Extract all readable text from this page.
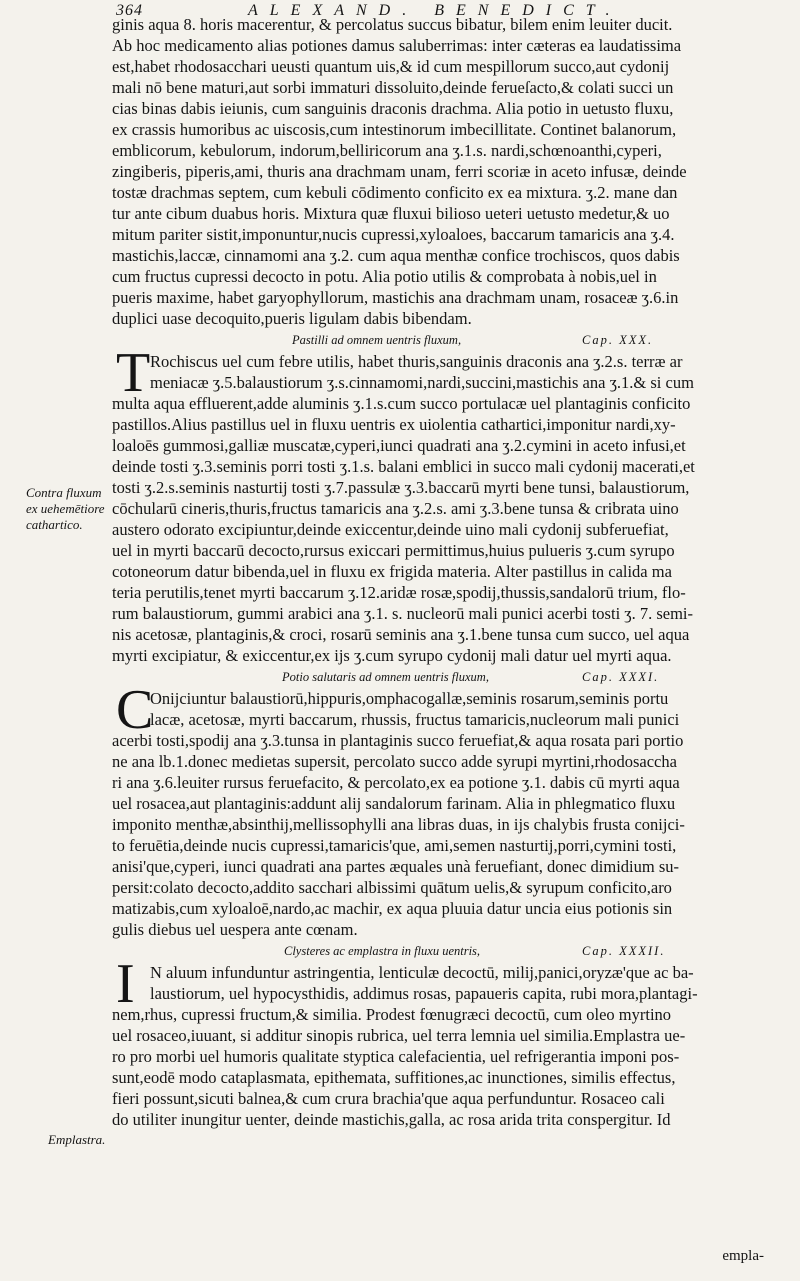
364	ALEXAND. BENEDICT.
Contra fluxum
ex uehemētiore
cathartico.
Emplastra.
ginis aqua 8. horis macerentur, & percolatus succus bibatur, bilem enim leuiter ducit.
Ab hoc medicamento alias potiones damus saluberrimas: inter cæteras ea laudatissima
est,habet rhodosacchari ueusti quantum uis,& id cum mespillorum succo,aut cydonij
mali nō bene maturi,aut sorbi immaturi dissoluito,deinde ferueſacto,& colati succi un
cias binas dabis ieiunis, cum sanguinis draconis drachma. Alia potio in uetusto fluxu,
ex crassis humoribus ac uiscosis,cum intestinorum imbecillitate. Continet balanorum,
emblicorum, kebulorum, indorum,belliricorum ana ʒ.1.s. nardi,schœnoanthi,cyperi,
zingiberis, piperis,ami, thuris ana drachmam unam, ferri scoriæ in aceto infusæ, deinde
tostæ drachmas septem, cum kebuli cōdimento conficito ex ea mixtura. ʒ.2. mane dan
tur ante cibum duabus horis. Mixtura quæ fluxui bilioso ueteri uetusto medetur,& uo
mitum pariter sistit,imponuntur,nucis cupressi,xyloaloes, baccarum tamaricis ana ʒ.4.
mastichis,laccæ, cinnamomi ana ʒ.2. cum aqua menthæ confice trochiscos, quos dabis
cum fructus cupressi decocto in potu. Alia potio utilis & comprobata à nobis,uel in
pueris maxime, habet garyophyllorum, mastichis ana drachmam unam, rosaceæ ʒ.6.in
duplici uase decoquito,pueris ligulam dabis bibendam.
Pastilli ad omnem uentris fluxum,	Cap. XXX.
T Rochiscus uel cum febre utilis, habet thuris,sanguinis draconis ana ʒ.2.s. terræ ar
meniacæ ʒ.5.balaustiorum ʒ.s.cinnamomi,nardi,succini,mastichis ana ʒ.1.& si cum
multa aqua effluerent,adde aluminis ʒ.1.s.cum succo portulacæ uel plantaginis conficito
pastillos.Alius pastillus uel in fluxu uentris ex uiolentia cathartici,imponitur nardi,xy-
loaloēs gummosi,galliæ muscatæ,cyperi,iunci quadrati ana ʒ.2.cymini in aceto infusi,et
deinde tosti ʒ.3.seminis porri tosti ʒ.1.s. balani emblici in succo mali cydonij macerati,et
tosti ʒ.2.s.seminis nasturtij tosti ʒ.7.passulæ ʒ.3.baccarū myrti bene tunsi, balaustiorum,
cōchularū cineris,thuris,fructus tamaricis ana ʒ.2.s. ami ʒ.3.bene tunsa & cribrata uino
austero odorato excipiuntur,deinde exiccentur,deinde uino mali cydonij subferuefiat,
uel in myrti baccarū decocto,rursus exiccari permittimus,huius pulueris ʒ.cum syrupo
cotoneorum datur bibenda,uel in fluxu ex frigida materia. Alter pastillus in calida ma
teria perutilis,tenet myrti baccarum ʒ.12.aridæ rosæ,spodij,thussis,sandalorū trium, flo-
rum balaustiorum, gummi arabici ana ʒ.1. s. nucleorū mali punici acerbi tosti ʒ. 7. semi-
nis acetosæ, plantaginis,& croci, rosarū seminis ana ʒ.1.bene tunsa cum succo, uel aqua
myrti excipiatur, & exiccentur,ex ijs ʒ.cum syrupo cydonij mali datur uel myrti aqua.
Potio salutaris ad omnem uentris fluxum,	Cap. XXXI.
C
Onijciuntur balaustiorū,hippuris,omphacogallæ,seminis rosarum,seminis portu
lacæ, acetosæ, myrti baccarum, rhussis, fructus tamaricis,nucleorum mali punici
acerbi tosti,spodij ana ʒ.3.tunsa in plantaginis succo feruefiat,& aqua rosata pari portio
ne ana lb.1.donec medietas supersit, percolato succo adde syrupi myrtini,rhodosaccha
ri ana ʒ.6.leuiter rursus feruefacito, & percolato,ex ea potione ʒ.1. dabis cū myrti aqua
uel rosacea,aut plantaginis:addunt alij sandalorum farinam. Alia in phlegmatico fluxu
imponito menthæ,absinthij,mellissophylli ana libras duas, in ijs chalybis frusta conijci-
to feruētia,deinde nucis cupressi,tamaricis'que, ami,semen nasturtij,porri,cymini tosti,
anisi'que,cyperi, iunci quadrati ana partes æquales unà feruefiant, donec dimidium su-
persit:colato decocto,addito sacchari albissimi quātum uelis,& syrupum conficito,aro
matizabis,cum xyloaloē,nardo,ac machir, ex aqua pluuia datur uncia eius potionis sin
gulis diebus uel uespera ante cœnam.
Clysteres ac emplastra in fluxu uentris,	Cap. XXXII.
I N aluum infunduntur astringentia, lenticulæ decoctū, milij,panici,oryzæ'que ac ba-
laustiorum, uel hypocysthidis, addimus rosas, papaueris capita, rubi mora,plantagi-
nem,rhus, cupressi fructum,& similia. Prodest fœnugræci decoctū, cum oleo myrtino
uel rosaceo,iuuant, si additur sinopis rubrica, uel terra lemnia uel similia.Emplastra ue-
ro pro morbi uel humoris qualitate styptica calefacientia, uel refrigerantia imponi pos-
sunt,eodē modo cataplasmata, epithemata, suffitiones,ac inunctiones, similis effectus,
fieri possunt,sicuti balnea,& cum crura brachia'que aqua perfunduntur. Rosaceo cali
do utiliter inungitur uenter, deinde mastichis,galla, ac rosa arida trita conspergitur. Id
empla-
